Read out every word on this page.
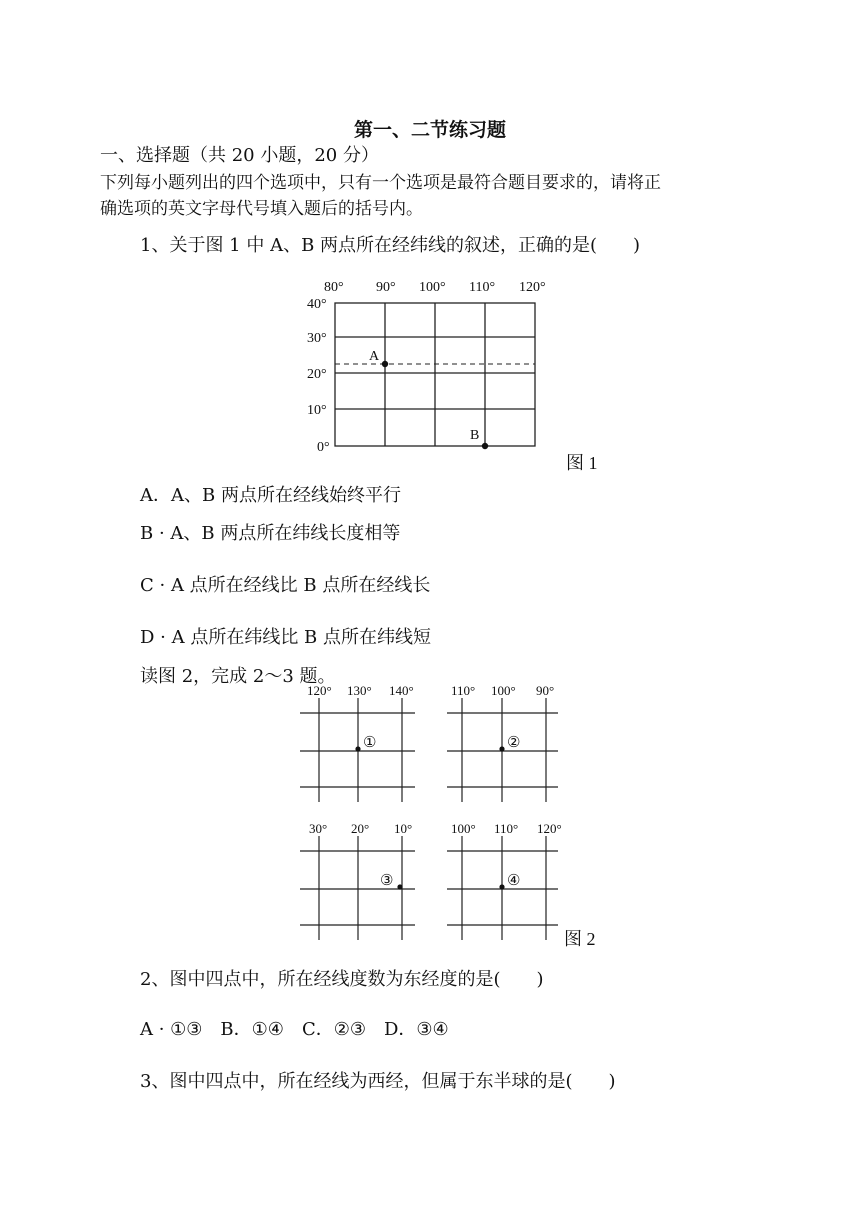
第一、二节练习题
一、选择题（共 20 小题，20 分）
下列每小题列出的四个选项中，只有一个选项是最符合题目要求的，请将正
确选项的英文字母代号填入题后的括号内。
1、关于图 1 中 A、B 两点所在经纬线的叙述，正确的是(　　)
80° 90° 100° 110° 120°
40°
30°
20°
10°
0°
A
B
图 1
A．A、B 两点所在经线始终平行
B · A、B 两点所在纬线长度相等
C · A 点所在经线比 B 点所在经线长
D · A 点所在纬线比 B 点所在纬线短
读图 2，完成 2～3 题。
120° 130° 140°
①
110° 100° 90°
②
30° 20° 10°
③
100° 110° 120°
④
图 2
2、图中四点中，所在经线度数为东经度的是(　　)
A · ①③　B．①④　C．②③　D．③④
3、图中四点中，所在经线为西经，但属于东半球的是(　　)
